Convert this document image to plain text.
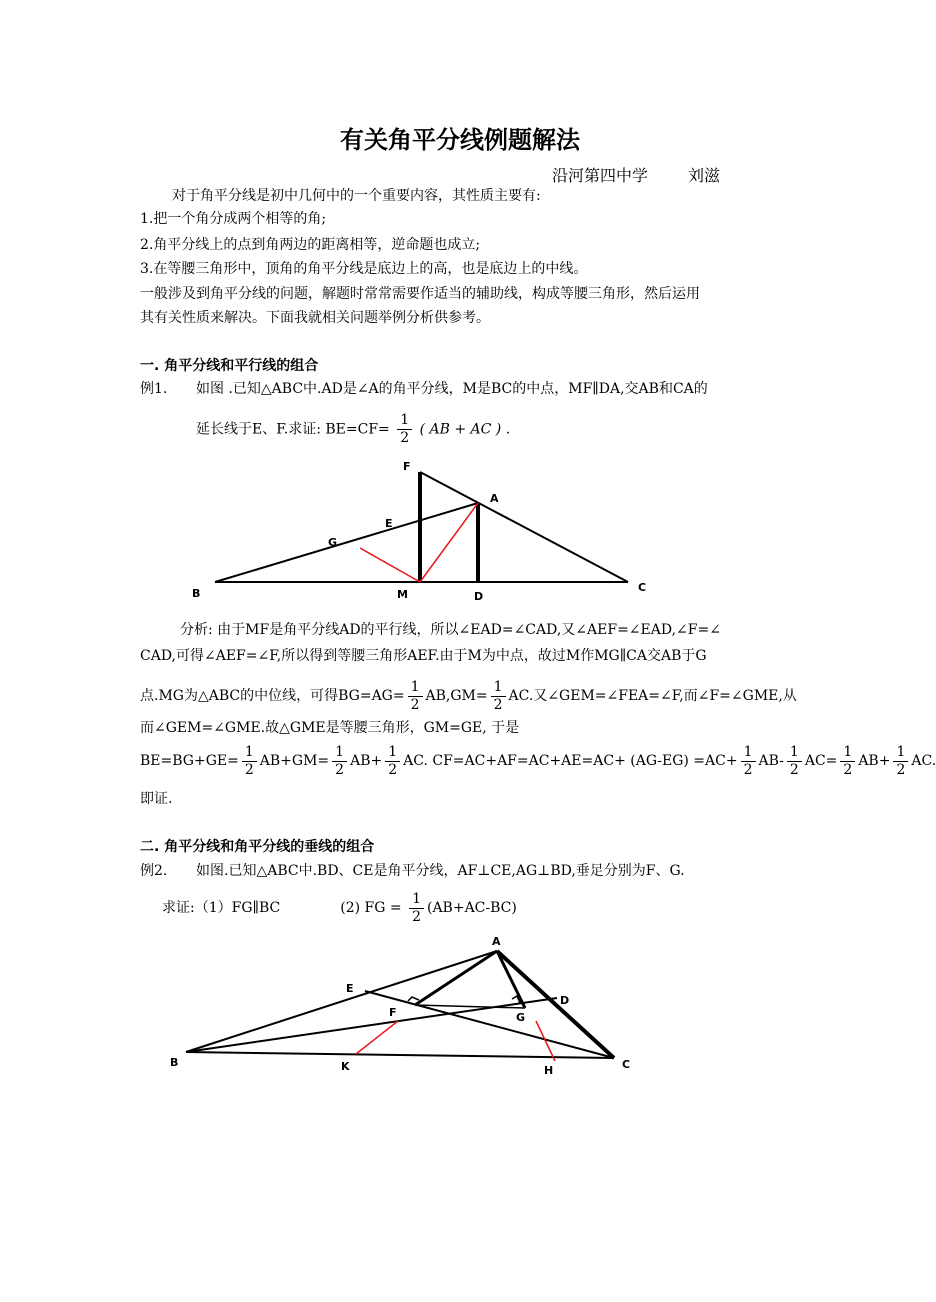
有关角平分线例题解法
沿河第四中学	刘滋
对于角平分线是初中几何中的一个重要内容，其性质主要有:
1.把一个角分成两个相等的角;
2.角平分线上的点到角两边的距离相等，逆命题也成立;
3.在等腰三角形中，顶角的角平分线是底边上的高，也是底边上的中线。
一般涉及到角平分线的问题，解题时常常需要作适当的辅助线，构成等腰三角形，然后运用
其有关性质来解决。下面我就相关问题举例分析供参考。
一. 角平分线和平行线的组合
例1. 如图 .已知△ABC中.AD是∠A的角平分线，M是BC的中点，MF∥DA,交AB和CA的
延长线于E、F.求证: $BE=CF= \frac{1}{2}$ ( AB + AC ) .
F
A
E
G
B	M	D
C
分析: 由于MF是角平分线AD的平行线，所以∠EAD=∠CAD,又∠AEF=∠EAD,∠F=∠
CAD,可得∠AEF=∠F,所以得到等腰三角形AEF.由于M为中点，故过M作MG∥CA交AB于G
点.MG为△ABC的中位线，可得$BG=AG= \frac{1}{2} AB,GM= \frac{1}{2}$ AC.又∠GEM=∠FEA=∠F,而∠F=∠GME,从
而∠GEM=∠GME.故△GME是等腰三角形，GM=GE, 于是
$BE=BG+GE= \frac{1}{2} AB+GM= \frac{1}{2} AB+ \frac{1}{2}$ AC. $CF=AC+AF=AC+AE=AC+ (AG-EG) =AC+ \frac{1}{2} AB- \frac{1}{2} AC= \frac{1}{2} AB+ \frac{1}{2}$ AC.
即证.
二. 角平分线和角平分线的垂线的组合
例2. 如图.已知△ABC中.BD、CE是角平分线，AF⊥CE,AG⊥BD,垂足分别为F、G.
求证:（1）FG∥BC	(2) FG = $\frac{1}{2} (AB+AC-BC)$
A
E
D
F	G
B	K	H	C
